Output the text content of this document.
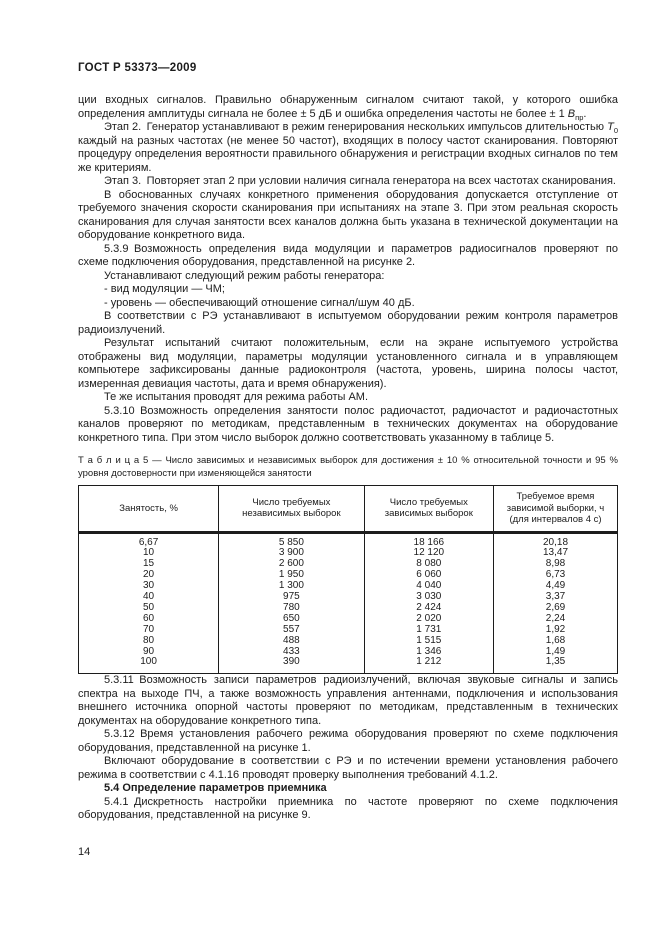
ГОСТ Р 53373—2009

ции входных сигналов. Правильно обнаруженным сигналом считают такой, у которого ошибка определения амплитуды сигнала не более ± 5 дБ и ошибка определения частоты не более ± 1 $В_{пр}$.

Этап 2. Генератор устанавливают в режим генерирования нескольких импульсов длительностью $Т_0$ каждый на разных частотах (не менее 50 частот), входящих в полосу частот сканирования. Повторяют процедуру определения вероятности правильного обнаружения и регистрации входных сигналов по тем же критериям.

Этап 3. Повторяет этап 2 при условии наличия сигнала генератора на всех частотах сканирования.

В обоснованных случаях конкретного применения оборудования допускается отступление от требуемого значения скорости сканирования при испытаниях на этапе 3. При этом реальная скорость сканирования для случая занятости всех каналов должна быть указана в технической документации на оборудование конкретного вида.

5.3.9 Возможность определения вида модуляции и параметров радиосигналов проверяют по схеме подключения оборудования, представленной на рисунке 2.

Устанавливают следующий режим работы генератора:

- вид модуляции — ЧМ;

- уровень — обеспечивающий отношение сигнал/шум 40 дБ.

В соответствии с РЭ устанавливают в испытуемом оборудовании режим контроля параметров радиоизлучений.

Результат испытаний считают положительным, если на экране испытуемого устройства отображены вид модуляции, параметры модуляции установленного сигнала и в управляющем компьютере зафиксированы данные радиоконтроля (частота, уровень, ширина полосы частот, измеренная девиация частоты, дата и время обнаружения).

Те же испытания проводят для режима работы АМ.

5.3.10 Возможность определения занятости полос радиочастот, радиочастот и радиочастотных каналов проверяют по методикам, представленным в технических документах на оборудование конкретного типа. При этом число выборок должно соответствовать указанному в таблице 5.

Т а б л и ц а 5 — Число зависимых и независимых выборок для достижения ± 10 % относительной точности и 95 % уровня достоверности при изменяющейся занятости
Занятость, %	Число требуемых независимых выборок	Число требуемых зависимых выборок	Требуемое время зависимой выборки, ч (для интервалов 4 с)
6,67	5 850	18 166	20,18
10	3 900	12 120	13,47
15	2 600	8 080	8,98
20	1 950	6 060	6,73
30	1 300	4 040	4,49
40	975	3 030	3,37
50	780	2 424	2,69
60	650	2 020	2,24
70	557	1 731	1,92
80	488	1 515	1,68
90	433	1 346	1,49
100	390	1 212	1,35

5.3.11 Возможность записи параметров радиоизлучений, включая звуковые сигналы и запись спектра на выходе ПЧ, а также возможность управления антеннами, подключения и использования внешнего источника опорной частоты проверяют по методикам, представленным в технических документах на оборудование конкретного типа.

5.3.12 Время установления рабочего режима оборудования проверяют по схеме подключения оборудования, представленной на рисунке 1.

Включают оборудование в соответствии с РЭ и по истечении времени установления рабочего режима в соответствии с 4.1.16 проводят проверку выполнения требований 4.1.2.

5.4 Определение параметров приемника

5.4.1 Дискретность настройки приемника по частоте проверяют по схеме подключения оборудования, представленной на рисунке 9.

14
